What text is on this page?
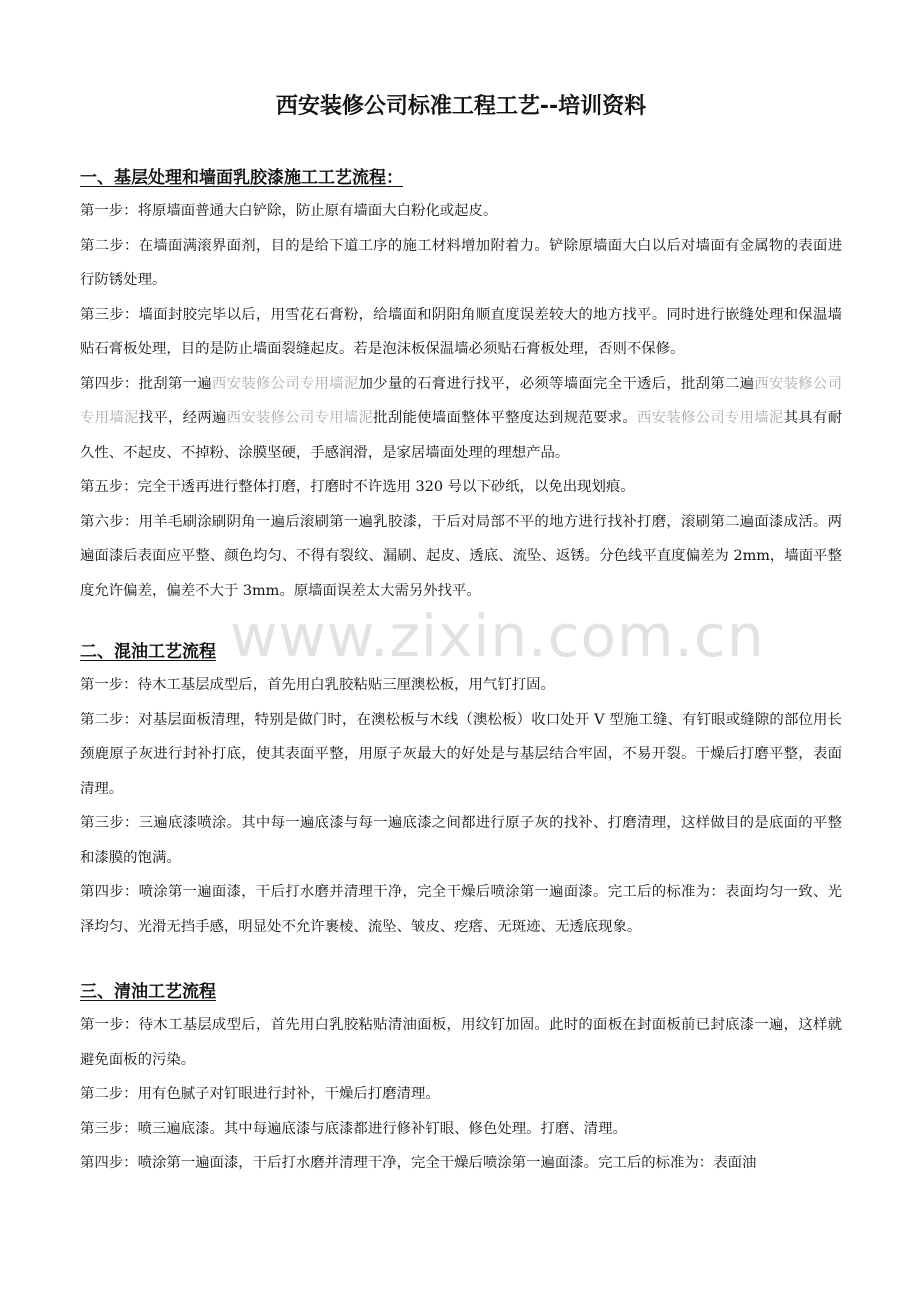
www.zixin.com.cn
西安装修公司标准工程工艺--培训资料
一、基层处理和墙面乳胶漆施工工艺流程：

第一步：将原墙面普通大白铲除，防止原有墙面大白粉化或起皮。

第二步：在墙面满滚界面剂，目的是给下道工序的施工材料增加附着力。铲除原墙面大白以后对墙面有金属物的表面进行防锈处理。

第三步：墙面封胶完毕以后，用雪花石膏粉，给墙面和阴阳角顺直度误差较大的地方找平。同时进行嵌缝处理和保温墙贴石膏板处理，目的是防止墙面裂缝起皮。若是泡沫板保温墙必须贴石膏板处理，否则不保修。

第四步：批刮第一遍西安装修公司专用墙泥加少量的石膏进行找平，必须等墙面完全干透后，批刮第二遍西安装修公司专用墙泥找平，经两遍西安装修公司专用墙泥批刮能使墙面整体平整度达到规范要求。西安装修公司专用墙泥其具有耐久性、不起皮、不掉粉、涂膜坚硬，手感润滑，是家居墙面处理的理想产品。

第五步：完全干透再进行整体打磨，打磨时不许选用 320 号以下砂纸，以免出现划痕。

第六步：用羊毛刷涂刷阴角一遍后滚刷第一遍乳胶漆，干后对局部不平的地方进行找补打磨，滚刷第二遍面漆成活。两遍面漆后表面应平整、颜色均匀、不得有裂纹、漏刷、起皮、透底、流坠、返锈。分色线平直度偏差为 2mm，墙面平整度允许偏差，偏差不大于 3mm。原墙面误差太大需另外找平。

二、混油工艺流程

第一步：待木工基层成型后，首先用白乳胶粘贴三厘澳松板，用气钉打固。

第二步：对基层面板清理，特别是做门时，在澳松板与木线（澳松板）收口处开 V 型施工缝、有钉眼或缝隙的部位用长颈鹿原子灰进行封补打底，使其表面平整，用原子灰最大的好处是与基层结合牢固，不易开裂。干燥后打磨平整，表面清理。

第三步：三遍底漆喷涂。其中每一遍底漆与每一遍底漆之间都进行原子灰的找补、打磨清理，这样做目的是底面的平整和漆膜的饱满。

第四步：喷涂第一遍面漆，干后打水磨并清理干净，完全干燥后喷涂第一遍面漆。完工后的标准为：表面均匀一致、光泽均匀、光滑无挡手感，明显处不允许裹棱、流坠、皱皮、疙瘩、无斑迹、无透底现象。

三、清油工艺流程

第一步：待木工基层成型后，首先用白乳胶粘贴清油面板，用纹钉加固。此时的面板在封面板前已封底漆一遍，这样就避免面板的污染。

第二步：用有色腻子对钉眼进行封补，干燥后打磨清理。

第三步：喷三遍底漆。其中每遍底漆与底漆都进行修补钉眼、修色处理。打磨、清理。

第四步：喷涂第一遍面漆，干后打水磨并清理干净，完全干燥后喷涂第一遍面漆。完工后的标准为：表面油
